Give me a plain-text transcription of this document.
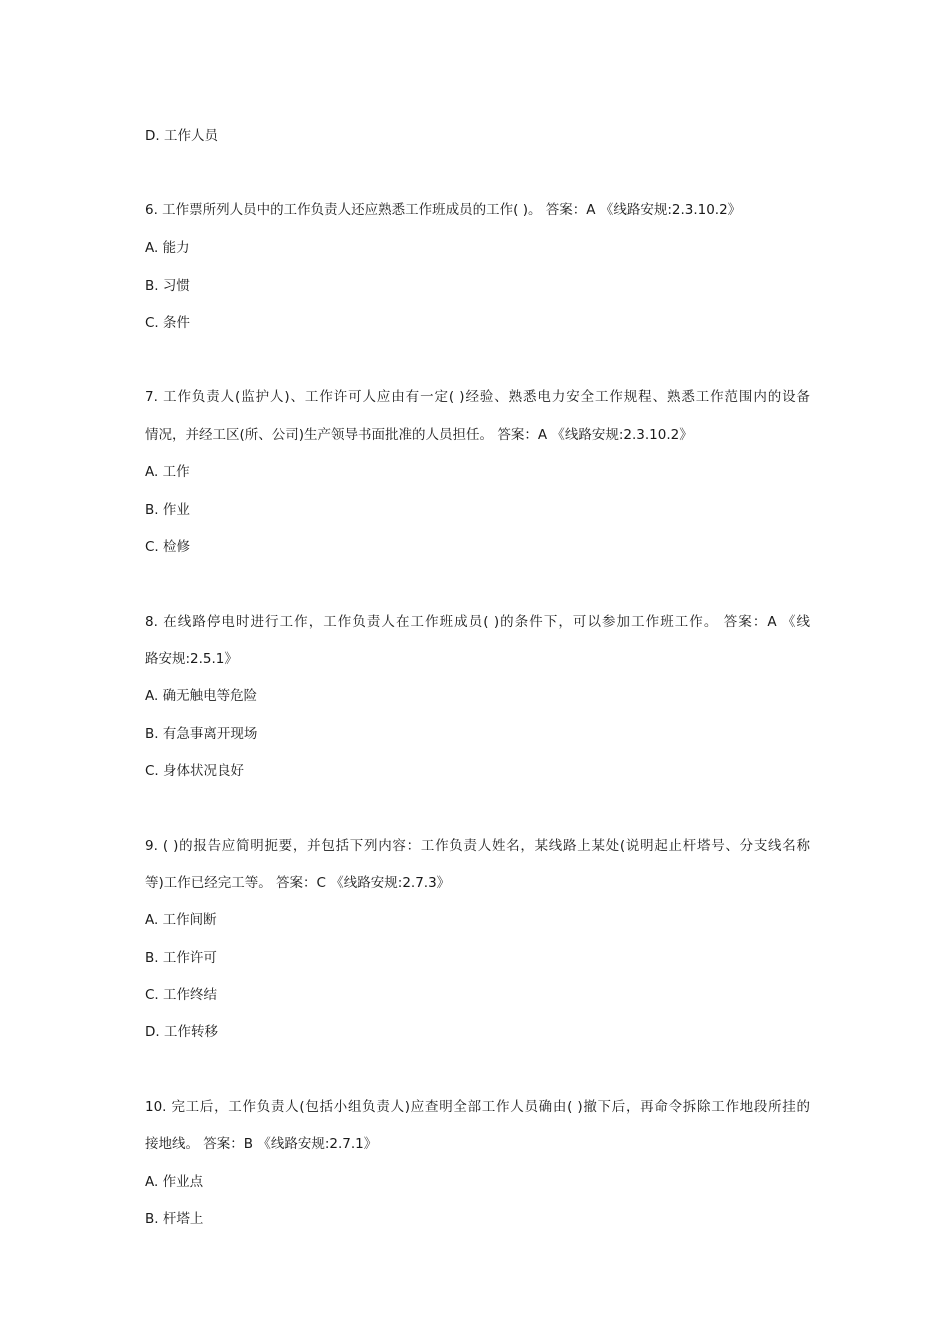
D. 工作人员
6. 工作票所列人员中的工作负责人还应熟悉工作班成员的工作( )。 答案：A 《线路安规:2.3.10.2》
A. 能力
B. 习惯
C. 条件
7. 工作负责人(监护人)、工作许可人应由有一定( )经验、熟悉电力安全工作规程、熟悉工作范围内的设备
情况，并经工区(所、公司)生产领导书面批准的人员担任。 答案：A 《线路安规:2.3.10.2》
A. 工作
B. 作业
C. 检修
8. 在线路停电时进行工作，工作负责人在工作班成员( )的条件下，可以参加工作班工作。 答案：A 《线
路安规:2.5.1》
A. 确无触电等危险
B. 有急事离开现场
C. 身体状况良好
9. ( )的报告应简明扼要，并包括下列内容：工作负责人姓名，某线路上某处(说明起止杆塔号、分支线名称
等)工作已经完工等。 答案：C 《线路安规:2.7.3》
A. 工作间断
B. 工作许可
C. 工作终结
D. 工作转移
10. 完工后，工作负责人(包括小组负责人)应查明全部工作人员确由( )撤下后，再命令拆除工作地段所挂的
接地线。 答案：B 《线路安规:2.7.1》
A. 作业点
B. 杆塔上
